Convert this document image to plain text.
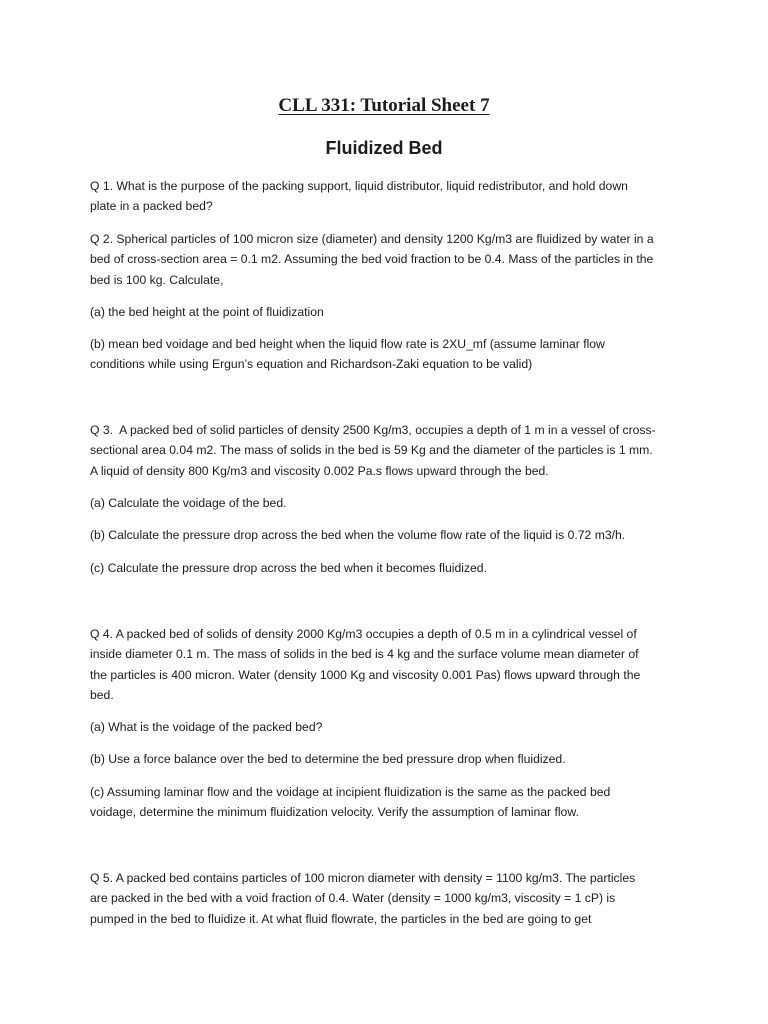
CLL 331: Tutorial Sheet 7
Fluidized Bed
Q 1. What is the purpose of the packing support, liquid distributor, liquid redistributor, and hold down
plate in a packed bed?
Q 2. Spherical particles of 100 micron size (diameter) and density 1200 Kg/m3 are fluidized by water in a
bed of cross-section area = 0.1 m2. Assuming the bed void fraction to be 0.4. Mass of the particles in the
bed is 100 kg. Calculate,
(a) the bed height at the point of fluidization
(b) mean bed voidage and bed height when the liquid flow rate is 2XU_mf (assume laminar flow
conditions while using Ergun’s equation and Richardson-Zaki equation to be valid)
Q 3.  A packed bed of solid particles of density 2500 Kg/m3, occupies a depth of 1 m in a vessel of cross-
sectional area 0.04 m2. The mass of solids in the bed is 59 Kg and the diameter of the particles is 1 mm.
A liquid of density 800 Kg/m3 and viscosity 0.002 Pa.s flows upward through the bed.
(a) Calculate the voidage of the bed.
(b) Calculate the pressure drop across the bed when the volume flow rate of the liquid is 0.72 m3/h.
(c) Calculate the pressure drop across the bed when it becomes fluidized.
Q 4. A packed bed of solids of density 2000 Kg/m3 occupies a depth of 0.5 m in a cylindrical vessel of
inside diameter 0.1 m. The mass of solids in the bed is 4 kg and the surface volume mean diameter of
the particles is 400 micron. Water (density 1000 Kg and viscosity 0.001 Pas) flows upward through the
bed.
(a) What is the voidage of the packed bed?
(b) Use a force balance over the bed to determine the bed pressure drop when fluidized.
(c) Assuming laminar flow and the voidage at incipient fluidization is the same as the packed bed
voidage, determine the minimum fluidization velocity. Verify the assumption of laminar flow.
Q 5. A packed bed contains particles of 100 micron diameter with density = 1100 kg/m3. The particles
are packed in the bed with a void fraction of 0.4. Water (density = 1000 kg/m3, viscosity = 1 cP) is
pumped in the bed to fluidize it. At what fluid flowrate, the particles in the bed are going to get
